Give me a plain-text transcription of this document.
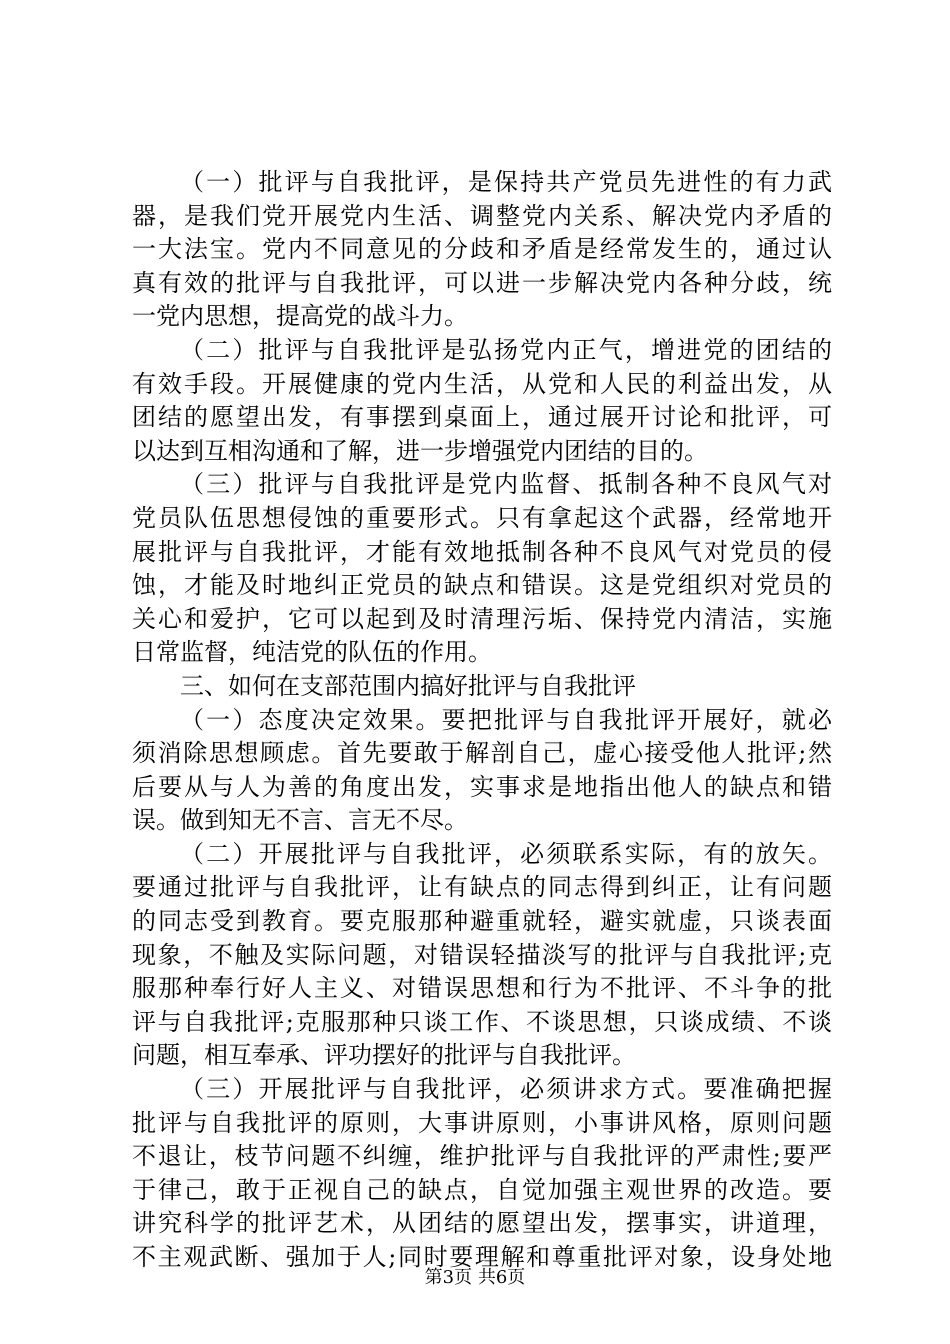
（一）批评与自我批评，是保持共产党员先进性的有力武
器，是我们党开展党内生活、调整党内关系、解决党内矛盾的
一大法宝。党内不同意见的分歧和矛盾是经常发生的，通过认
真有效的批评与自我批评，可以进一步解决党内各种分歧，统
一党内思想，提高党的战斗力。
（二）批评与自我批评是弘扬党内正气，增进党的团结的
有效手段。开展健康的党内生活，从党和人民的利益出发，从
团结的愿望出发，有事摆到桌面上，通过展开讨论和批评，可
以达到互相沟通和了解，进一步增强党内团结的目的。
（三）批评与自我批评是党内监督、抵制各种不良风气对
党员队伍思想侵蚀的重要形式。只有拿起这个武器，经常地开
展批评与自我批评，才能有效地抵制各种不良风气对党员的侵
蚀，才能及时地纠正党员的缺点和错误。这是党组织对党员的
关心和爱护，它可以起到及时清理污垢、保持党内清洁，实施
日常监督，纯洁党的队伍的作用。
三、如何在支部范围内搞好批评与自我批评
（一）态度决定效果。要把批评与自我批评开展好，就必
须消除思想顾虑。首先要敢于解剖自己，虚心接受他人批评;然
后要从与人为善的角度出发，实事求是地指出他人的缺点和错
误。做到知无不言、言无不尽。
（二）开展批评与自我批评，必须联系实际，有的放矢。
要通过批评与自我批评，让有缺点的同志得到纠正，让有问题
的同志受到教育。要克服那种避重就轻，避实就虚，只谈表面
现象，不触及实际问题，对错误轻描淡写的批评与自我批评;克
服那种奉行好人主义、对错误思想和行为不批评、不斗争的批
评与自我批评;克服那种只谈工作、不谈思想，只谈成绩、不谈
问题，相互奉承、评功摆好的批评与自我批评。
（三）开展批评与自我批评，必须讲求方式。要准确把握
批评与自我批评的原则，大事讲原则，小事讲风格，原则问题
不退让，枝节问题不纠缠，维护批评与自我批评的严肃性;要严
于律己，敢于正视自己的缺点，自觉加强主观世界的改造。要
讲究科学的批评艺术，从团结的愿望出发，摆事实，讲道理，
不主观武断、强加于人;同时要理解和尊重批评对象，设身处地
第3页 共6页
